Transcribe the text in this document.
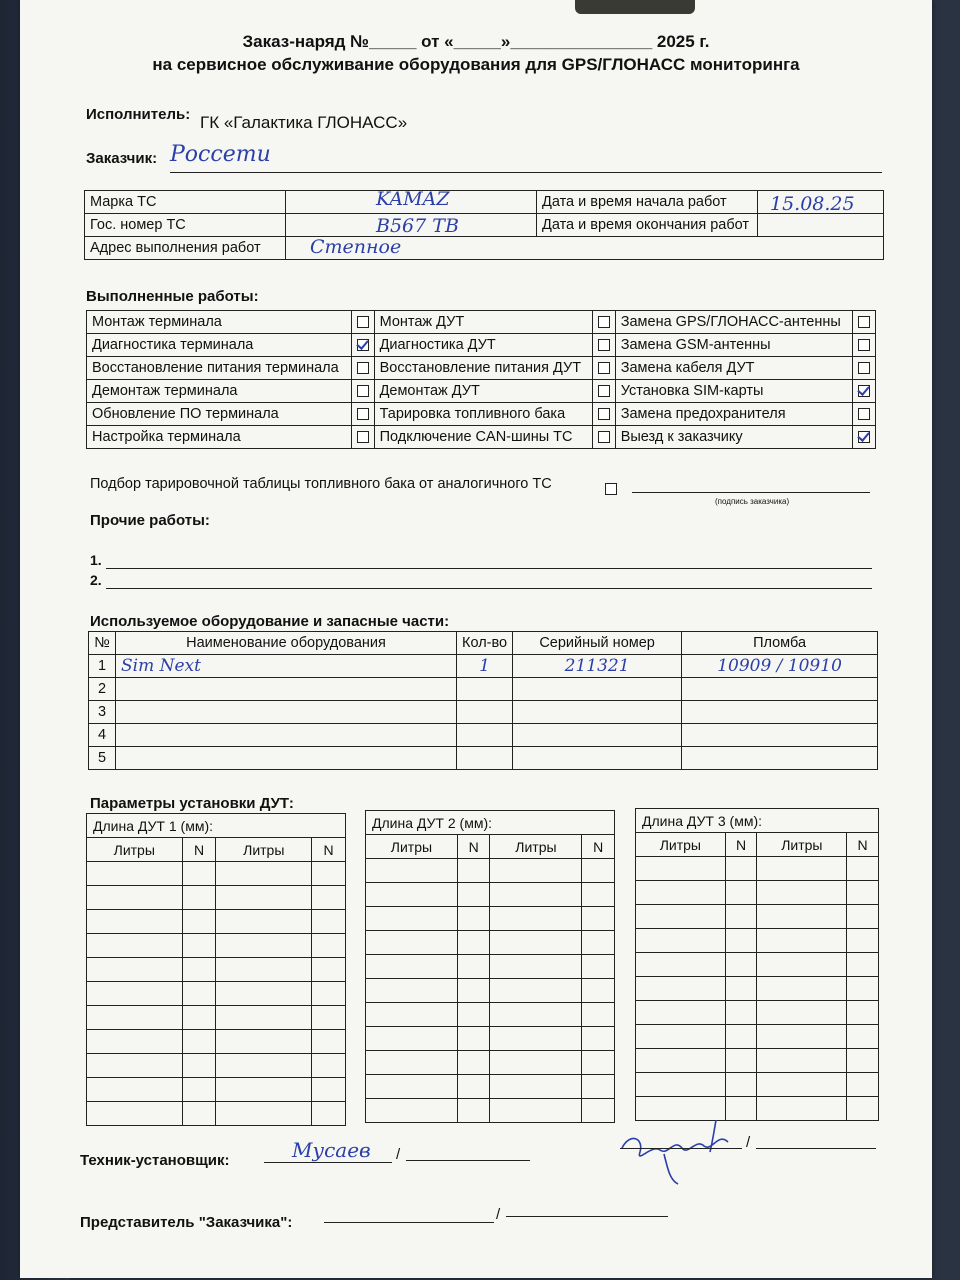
Заказ-наряд №_____ от «_____»_______________ 2025 г.
на сервисное обслуживание оборудования для GPS/ГЛОНАСС мониторинга
Исполнитель: ГК «Галактика ГЛОНАСС»
Заказчик: Россети
Марка ТС	KAMAZ	Дата и время начала работ	15.08.25

Гос. номер ТС	В567 ТВ	Дата и время окончания работ	
Адрес выполнения работ	Степное		
Выполненные работы:
Монтаж терминала		Монтаж ДУТ		Замена GPS/ГЛОНАСС-антенны	
Диагностика терминала		Диагностика ДУТ		Замена GSM-антенны	
Восстановление питания терминала		Восстановление питания ДУТ		Замена кабеля ДУТ	
Демонтаж терминала		Демонтаж ДУТ		Установка SIM-карты	
Обновление ПО терминала		Тарировка топливного бака		Замена предохранителя	
Настройка терминала		Подключение CAN-шины ТС		Выезд к заказчику	
Подбор тарировочной таблицы топливного бака от аналогичного ТС
(подпись заказчика)
Прочие работы:
1.
2.
Используемое оборудование и запасные части:
№	Наименование оборудования	Кол-во	Серийный номер	Пломба
1	Sim Next	1	211321	10909 / 10910
2				
3				
4				
5				
Параметры установки ДУТ:
Длина ДУТ 1 (мм):			
Литры	N	Литры	N

Длина ДУТ 2 (мм):			
Литры	N	Литры	N

Длина ДУТ 3 (мм):			
Литры	N	Литры	N

Техник-установщик:	Мусаев /
/
Представитель "Заказчика":	/
